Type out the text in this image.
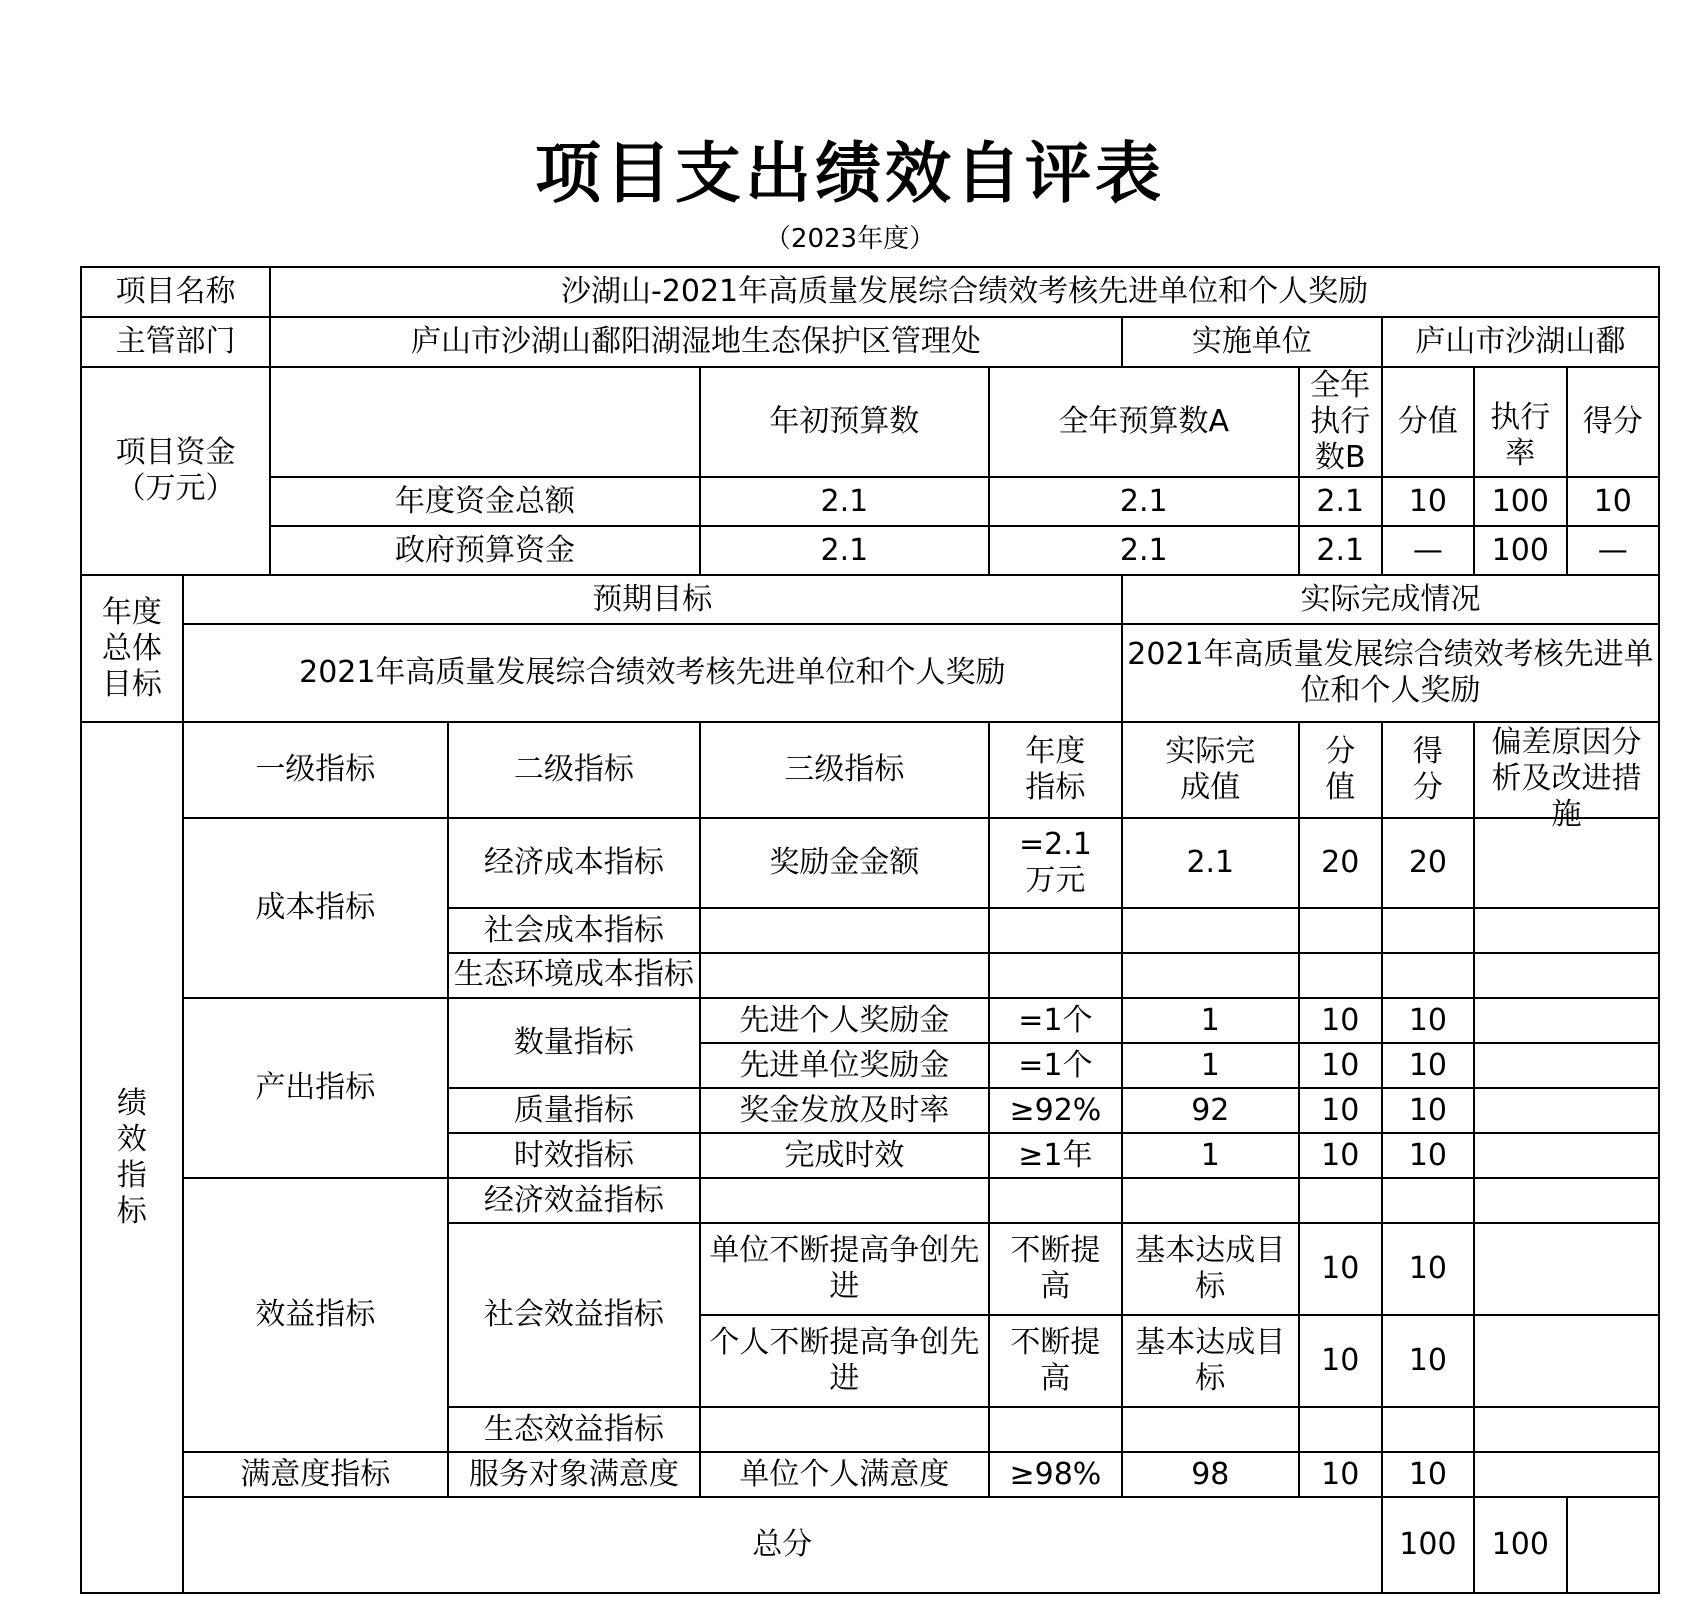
项目支出绩效自评表
（2023年度）
项目名称		沙湖山-2021年高质量发展综合绩效考核先进单位和个人奖励								
主管部门		庐山市沙湖山鄱阳湖湿地生态保护区管理处				实施单位		庐山市沙湖山鄱		
项目资金（万元）				年初预算数	全年预算数A		全年执行数B	分值	执行率	得分
		年度资金总额		2.1	2.1		2.1	10	100	10
		政府预算资金		2.1	2.1		2.1	—	100	—

年度总体目标	预期目标					实际完成情况				
	2021年高质量发展综合绩效考核先进单位和个人奖励					2021年高质量发展综合绩效考核先进单位和个人奖励				

绩效指标	一级指标		二级指标	三级指标	年度指标	实际完成值	分值	得分	偏差原因分析及改进措施	

	成本指标		经济成本指标	奖励金金额	=2.1万元	2.1	20	20		
			社会成本指标							

			生态环境成本指标							

	产出指标		数量指标	先进个人奖励金	=1个	1	10	10		
				先进单位奖励金	=1个	1	10	10		
			质量指标	奖金发放及时率	≥92%	92	10	10		
			时效指标	完成时效	≥1年	1	10	10		
	效益指标		经济效益指标							
			社会效益指标	单位不断提高争创先进	不断提高	基本达成目标	10	10		
				个人不断提高争创先进	不断提高	基本达成目标	10	10		
			生态效益指标							
	满意度指标		服务对象满意度	单位个人满意度	≥98%	98	10	10		
	总分							100	100	
